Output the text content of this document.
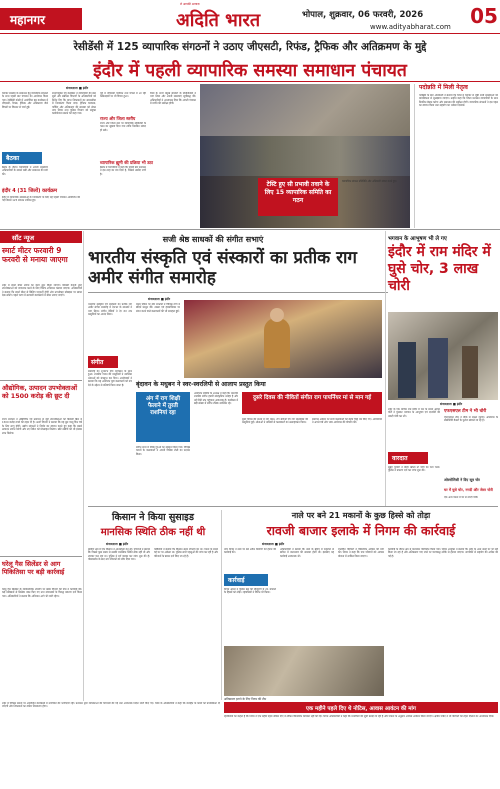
महानगर
ले आपकी आवाज़
अदिति भारत	भोपाल, शुक्रवार, 06 फरवरी, 2026
www.adityabharat.com 05
रेसीडेंसी में 125 व्यापारिक संगठनों ने उठाए जीएसटी, रिफंड, ट्रैफिक और अतिक्रमण के मुद्दे
इंदौर में पहली व्यापारिक समस्या समाधान पंचायत
संवाददाता ■ इंदौर
व्यापार समस्या के समाधान हेतु व्यापारिक संगठनों के साथ पहली बार पंचायत का आयोजन किया गया। रेसीडेंसी कोठी में आयोजित इस कार्यक्रम में जीएसटी, रिफंड, ट्रैफिक और अतिक्रमण जैसे विषयों पर विस्तार से चर्चा हुई।
बैठका
बैठक के दौरान व्यापारियों ने अपनी समस्याएं अधिकारियों के सामने रखीं और समाधान की मांग की।
इंदौर 4 (31 जिलों) कार्यक्रम
इंदौर में व्यापारिक समस्याओं के निराकरण के लिए यह पहली पंचायत आयोजित की गई जिसमें 125 संगठन शामिल हुए।
संभागायुक्त एवं कलेक्टर ने व्यापारियों की बात सुनी और संबंधित विभागों के अधिकारियों को निर्देश दिए कि प्राप्त शिकायतों का समयसीमा में निराकरण किया जाए। ट्रैफिक व्यवस्था, पार्किंग और अतिक्रमण की समस्या को लेकर नगर निगम तथा पुलिस विभाग को संयुक्त कार्ययोजना बनाने को कहा गया।
पूर्व में जीएसटी पंजीयन तथा रिफंड में आ रही कठिनाइयों पर भी विचार हुआ।
राज्य और जिला स्तरीय
राज्य और जिला स्तर पर व्यापारिक समितियों के गठन का सुझाव दिया गया ताकि नियमित संवाद हो सके।
व्यापारिक ह्यूमी की प्रक्रिया भी उठा
बैठक में व्यापारियों ने कहा कि पहली बार प्रशासन ने इस तरह का मंच दिया है, जिससे उम्मीद जगी है।
जिले के सभी प्रमुख बाजारों के प्रतिनिधियों ने भाग लिया और अपनी समस्याएं सूचीबद्ध कीं। अधिकारियों ने आश्वासन दिया कि अगली पंचायत में प्रगति की समीक्षा होगी।
टेस्टि हुए सी प्रभावी तवाने के लिए 15 व्यापारिक समिति का गठन
व्यापारिक संगठन प्रतिनिधि और अधिकारी संवाद करते हुए।
पदोन्नति में मिली नेतृत्व
पदोन्नति के बाद अधिकारी ने बताया कि जिले में व्यापार से जुड़ी सभी समस्याओं को प्राथमिकता से सुलझाया जाएगा। उन्होंने कहा कि जिला प्रशासन व्यापारियों के साथ नियमित बैठक करेगा और समाधान की समीक्षा होगी। व्यापारिक संगठनों ने इस पहल का स्वागत किया तथा सहयोग का भरोसा दिलाया।
सॉट न्यूज
स्मार्ट मीटर फरवारी 9 फरवरी से मनाया जाएगा
शहर में स्मार्ट मीटर लगाने का कार्य शुरू किया जाएगा। बिजली कंपनी द्वारा उपभोक्ताओं को जागरूक करने के लिए विशेष अभियान चलाया जाएगा। अधिकारियों ने बताया कि स्मार्ट मीटर से बिलिंग पारदर्शी होगी और उपभोक्ता मोबाइल पर खपत देख सकेंगे। पहले चरण में सरकारी कार्यालयों में मीटर लगाए जाएंगे।
औद्योगिक, उत्पादन उपभोक्ताओं को 1500 करोड़ की छूट दी
राज्य सरकार ने औद्योगिक एवं उत्पादन से जुड़े उपभोक्ताओं को बिजली बिल में 1500 करोड़ रुपये की राहत दी है। ऊर्जा विभाग ने बताया कि यह छूट चालू वित्त वर्ष के लिए लागू होगी। उद्योग संगठनों ने निर्णय का स्वागत करते हुए कहा कि इससे उत्पादन लागत घटेगी और नए निवेश को प्रोत्साहन मिलेगा। छोटे उद्योगों को भी इसका लाभ मिलेगा।
घरेलू गैस सिलेंडर से आग पिकितिसा पर बड़ी कार्रवाई
घरेलू गैस सिलेंडर के व्यावसायिक उपयोग पर खाद्य विभाग की टीम ने कार्रवाई की। कई प्रतिष्ठानों से सिलेंडर जब्त किए गए तथा संचालकों के विरुद्ध प्रकरण दर्ज किया गया। अधिकारियों ने बताया कि अभियान आगे भी जारी रहेगा।
सजी श्रेष्ठ साधकों की संगीत सभाएं
भारतीय संस्कृति एवं संस्कारों का प्रतीक राग अमीर संगीत समारोह
संवाददाता ■ इंदौर
भारतीय संस्कृति एवं संस्कारों का प्रतीक राग अमीर संगीत समारोह में देशभर के साधकों ने भाग लिया। संगीत प्रेमियों ने देर रात तक प्रस्तुतियों का आनंद लिया।
संगीत
समारोह का शुभारंभ दीप प्रज्वलन के साथ हुआ। शास्त्रीय गायन की प्रस्तुतियों ने उपस्थित श्रोताओं को मंत्रमुग्ध कर दिया। आयोजकों ने बताया कि यह आयोजन युवा कलाकारों को मंच देने के उद्देश्य से प्रतिवर्ष किया जाता है।
प्रथम दिवस पर स्वर साधकों ने विभिन्न रागों में बंदिशें प्रस्तुत कीं। तबला एवं हारमोनियम पर संगत करने वाले कलाकारों की भी सराहना हुई।
बृंदावन के मधुबन ने स्वर-स्वरलिपी से आलाप प्रस्तुत किया
अंग में राग शिक्षी फैलाने में तुरती राशनियां रहा
संगीत सभा में वरिष्ठ गुरुओं का सम्मान किया गया। विभिन्न घरानों के कलाकारों ने अपनी विशिष्ट शैली का प्रदर्शन किया।
आयोजन समिति के अध्यक्ष ने कहा कि भारतीय शास्त्रीय संगीत हमारी सांस्कृतिक धरोहर है और नई पीढ़ी तक पहुंचाना आवश्यक है। कार्यक्रम में बड़ी संख्या में संगीत रसिक उपस्थित रहे।
दुसरे दिवस की नीवितों संगीत राग पापर्नियर मां से मान गई
दूसरे दिवस की संध्या में राग यमन, राग बागेश्री एवं राग मालकौंस की प्रस्तुतियां हुईं। श्रोताओं ने तालियों से कलाकारों का उत्साहवर्धन किया।
समापन अवसर पर सभी कलाकारों को स्मृति चिह्न भेंट किए गए। आयोजकों ने अगले वर्ष और भव्य आयोजन की घोषणा की।
भगवान के आभूषण भी ले गए
इंदौर में राम मंदिर में घुसे चोर, 3 लाख चोरी
संवाददाता ■ इंदौर
शहर के एक प्राचीन राम मंदिर में रात के समय अज्ञात चोरों ने घुसकर भगवान के आभूषण एवं दानपेटी की नकदी चोरी कर ली।
वारदात
सुबह पुजारी ने मंदिर खोला तो चोरी का पता चला। पुलिस ने प्रकरण दर्ज कर जांच शुरू की।
एफएसएल टीम ने भी चोरी
एफएसएल टीम ने मौके से साक्ष्य जुटाए। आसपास के सीसीटीवी कैमरों के फुटेज खंगाले जा रहे हैं।
ओरमोलिसी ने दिए सूत्र चोर
घर में घुसे चोर, नगदी और जेवर चोरी
एक अन्य घटना में घर से नगदी चोरी।
किसान ने किया सुसाइड
मानसिक स्थिति ठीक नहीं थी
संवाददाता ■ इंदौर
ग्रामीण क्षेत्र में एक किसान ने आत्महत्या कर ली। परिजनों ने बताया कि पिछले कुछ समय से उसकी मानसिक स्थिति ठीक नहीं थी और उपचार चल रहा था। पुलिस ने मर्ग कायम कर जांच शुरू की है। पोस्टमार्टम के बाद शव परिजनों को सौंप दिया गया।
पड़ोसियों ने बताया कि किसान सरल स्वभाव का था। घटना के समय वह घर पर अकेला था। पुलिस सभी पहलुओं की जांच कर रही है और परिजनों के बयान दर्ज किए जा रहे हैं।
नाले पर बने 21 मकानों के कुछ हिस्से को तोड़ा
रावजी बाजार इलाके में निगम की कार्रवाई
संवाददाता ■ इंदौर
नगर निगम ने नाले पर बने अवैध निर्माणों को हटाने की कार्रवाई की।
कार्रवाई
निगम अमले ने पुलिस बल की मौजूदगी में 21 मकानों के हिस्सों को तोड़ा। रहवासियों ने विरोध भी किया।
अधिकारियों ने बताया कि नाले के बहाव में रुकावट से बारिश में जलभराव की समस्या होती थी। इसलिए यह कार्रवाई आवश्यक थी।
अतिक्रमण हटाने के लिए निगम की टीम
प्रभावित परिवारों ने वैकल्पिक आवास की मांग की। निगम ने कहा कि पात्र परिवारों को आवास योजना में शामिल किया जाएगा।
कार्रवाई के दौरान क्षेत्र में यातायात परिवर्तित किया गया। निगम आयुक्त ने बताया कि शहर के अन्य नालों पर भी सर्वे किया जा रहा है और अतिक्रमण पाए जाने पर चरणबद्ध तरीके से हटाया जाएगा। नागरिकों से सहयोग की अपील की गई है।
एक महीने पहले दिए थे नोटिस, आवास आवंटन की मांग
रहवासियों का कहना है कि निगम ने एक महीने पहले नोटिस दिए थे लेकिन वैकल्पिक व्यवस्था नहीं की गई। निगम अधिकारियों ने कहा कि प्रभावितों की सूची बनाई जा रही है और पात्रता के अनुसार आवास आवंटन किया जाएगा। क्षेत्रीय पार्षद ने भी परिवारों को राहत दिलाने का आश्वासन दिया।
शहर में विभिन्न स्थानों पर आयोजित कार्यक्रमों में नागरिकों की भागीदारी रही। प्रशासन द्वारा व्यवस्थाओं की निगरानी की गई तथा आवश्यक निर्देश जारी किए गए। जिले के अधिकारियों ने कहा कि जनहित के कार्यों को प्राथमिकता दी जाएगी और शिकायतों का त्वरित निराकरण होगा।
